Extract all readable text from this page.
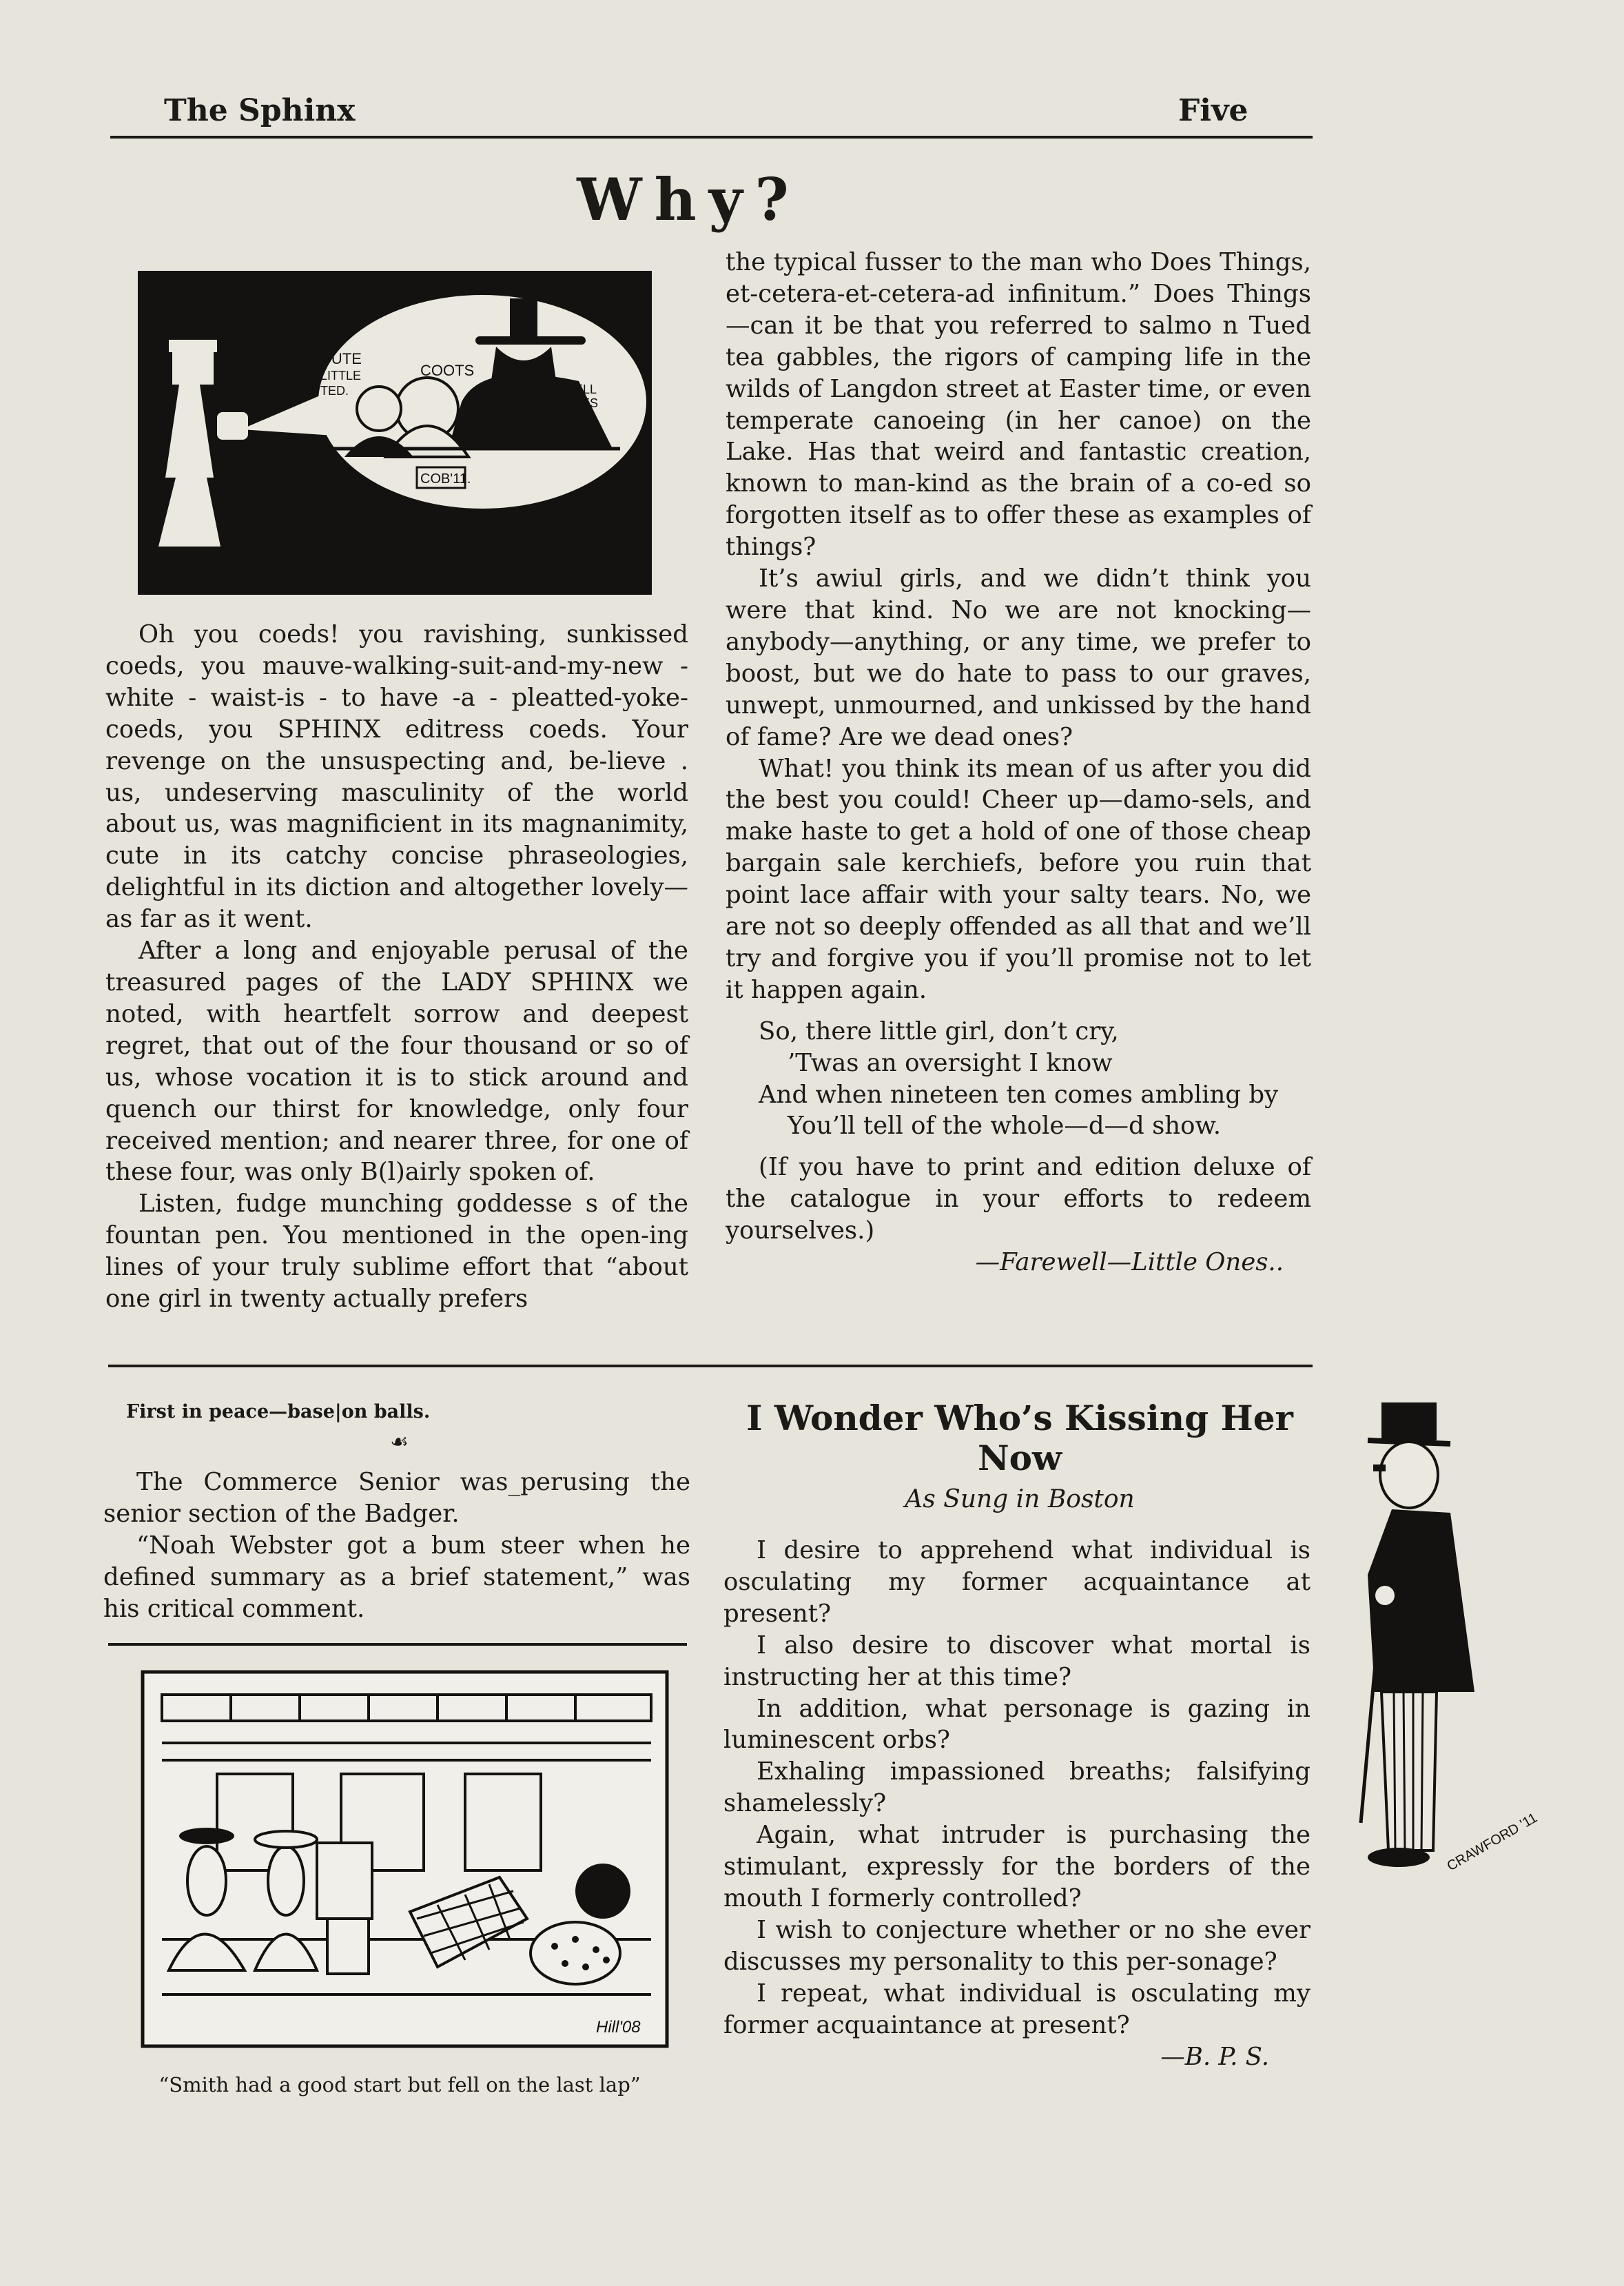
The Sphinx	Five
Why?
CUTE
LITTLE
TED.
COOTS
HASKELL
NOYES
COB'11.

Oh you coeds! you ravishing, sunkissed coeds, you mauve-walking-suit-and-my-new - white - waist-is - to have -a - pleatted-yoke-coeds, you SPHINX editress coeds. Your revenge on the unsuspecting and, be-lieve . us, undeserving masculinity of the world about us, was magnificient in its magnanimity, cute in its catchy concise phraseologies, delightful in its diction and altogether lovely—as far as it went.

After a long and enjoyable perusal of the treasured pages of the LADY SPHINX we noted, with heartfelt sorrow and deepest regret, that out of the four thousand or so of us, whose vocation it is to stick around and quench our thirst for knowledge, only four received mention; and nearer three, for one of these four, was only B(l)airly spoken of.

Listen, fudge munching goddesse s of the fountan pen. You mentioned in the open-ing lines of your truly sublime effort that “about one girl in twenty actually prefers

the typical fusser to the man who Does Things, et-cetera-et-cetera-ad infinitum.” Does Things—can it be that you referred to salmo n Tued tea gabbles, the rigors of camping life in the wilds of Langdon street at Easter time, or even temperate canoeing (in her canoe) on the Lake. Has that weird and fantastic creation, known to man-kind as the brain of a co-ed so forgotten itself as to offer these as examples of things?

It’s awiul girls, and we didn’t think you were that kind. No we are not knocking—anybody—anything, or any time, we prefer to boost, but we do hate to pass to our graves, unwept, unmourned, and unkissed by the hand of fame? Are we dead ones?

What! you think its mean of us after you did the best you could! Cheer up—damo-sels, and make haste to get a hold of one of those cheap bargain sale kerchiefs, before you ruin that point lace affair with your salty tears. No, we are not so deeply offended as all that and we’ll try and forgive you if you’ll promise not to let it happen again.

So, there little girl, don’t cry,
’Twas an oversight I know
And when nineteen ten comes ambling by
You’ll tell of the whole—d—d show.

(If you have to print and edition deluxe of the catalogue in your efforts to redeem yourselves.)

—Farewell—Little Ones..
First in peace—base|on balls.
☙

The Commerce Senior was_perusing the senior section of the Badger.

“Noah Webster got a bum steer when he defined summary as a brief statement,” was his critical comment.

Hill'08
“Smith had a good start but fell on the last lap”
I Wonder Who’s Kissing Her
Now
As Sung in Boston

I desire to apprehend what individual is osculating my former acquaintance at present?

I also desire to discover what mortal is instructing her at this time?

In addition, what personage is gazing in luminescent orbs?

Exhaling impassioned breaths; falsifying shamelessly?

Again, what intruder is purchasing the stimulant, expressly for the borders of the mouth I formerly controlled?

I wish to conjecture whether or no she ever discusses my personality to this per-sonage?

I repeat, what individual is osculating my former acquaintance at present?

—B. P. S.
CRAWFORD '11
